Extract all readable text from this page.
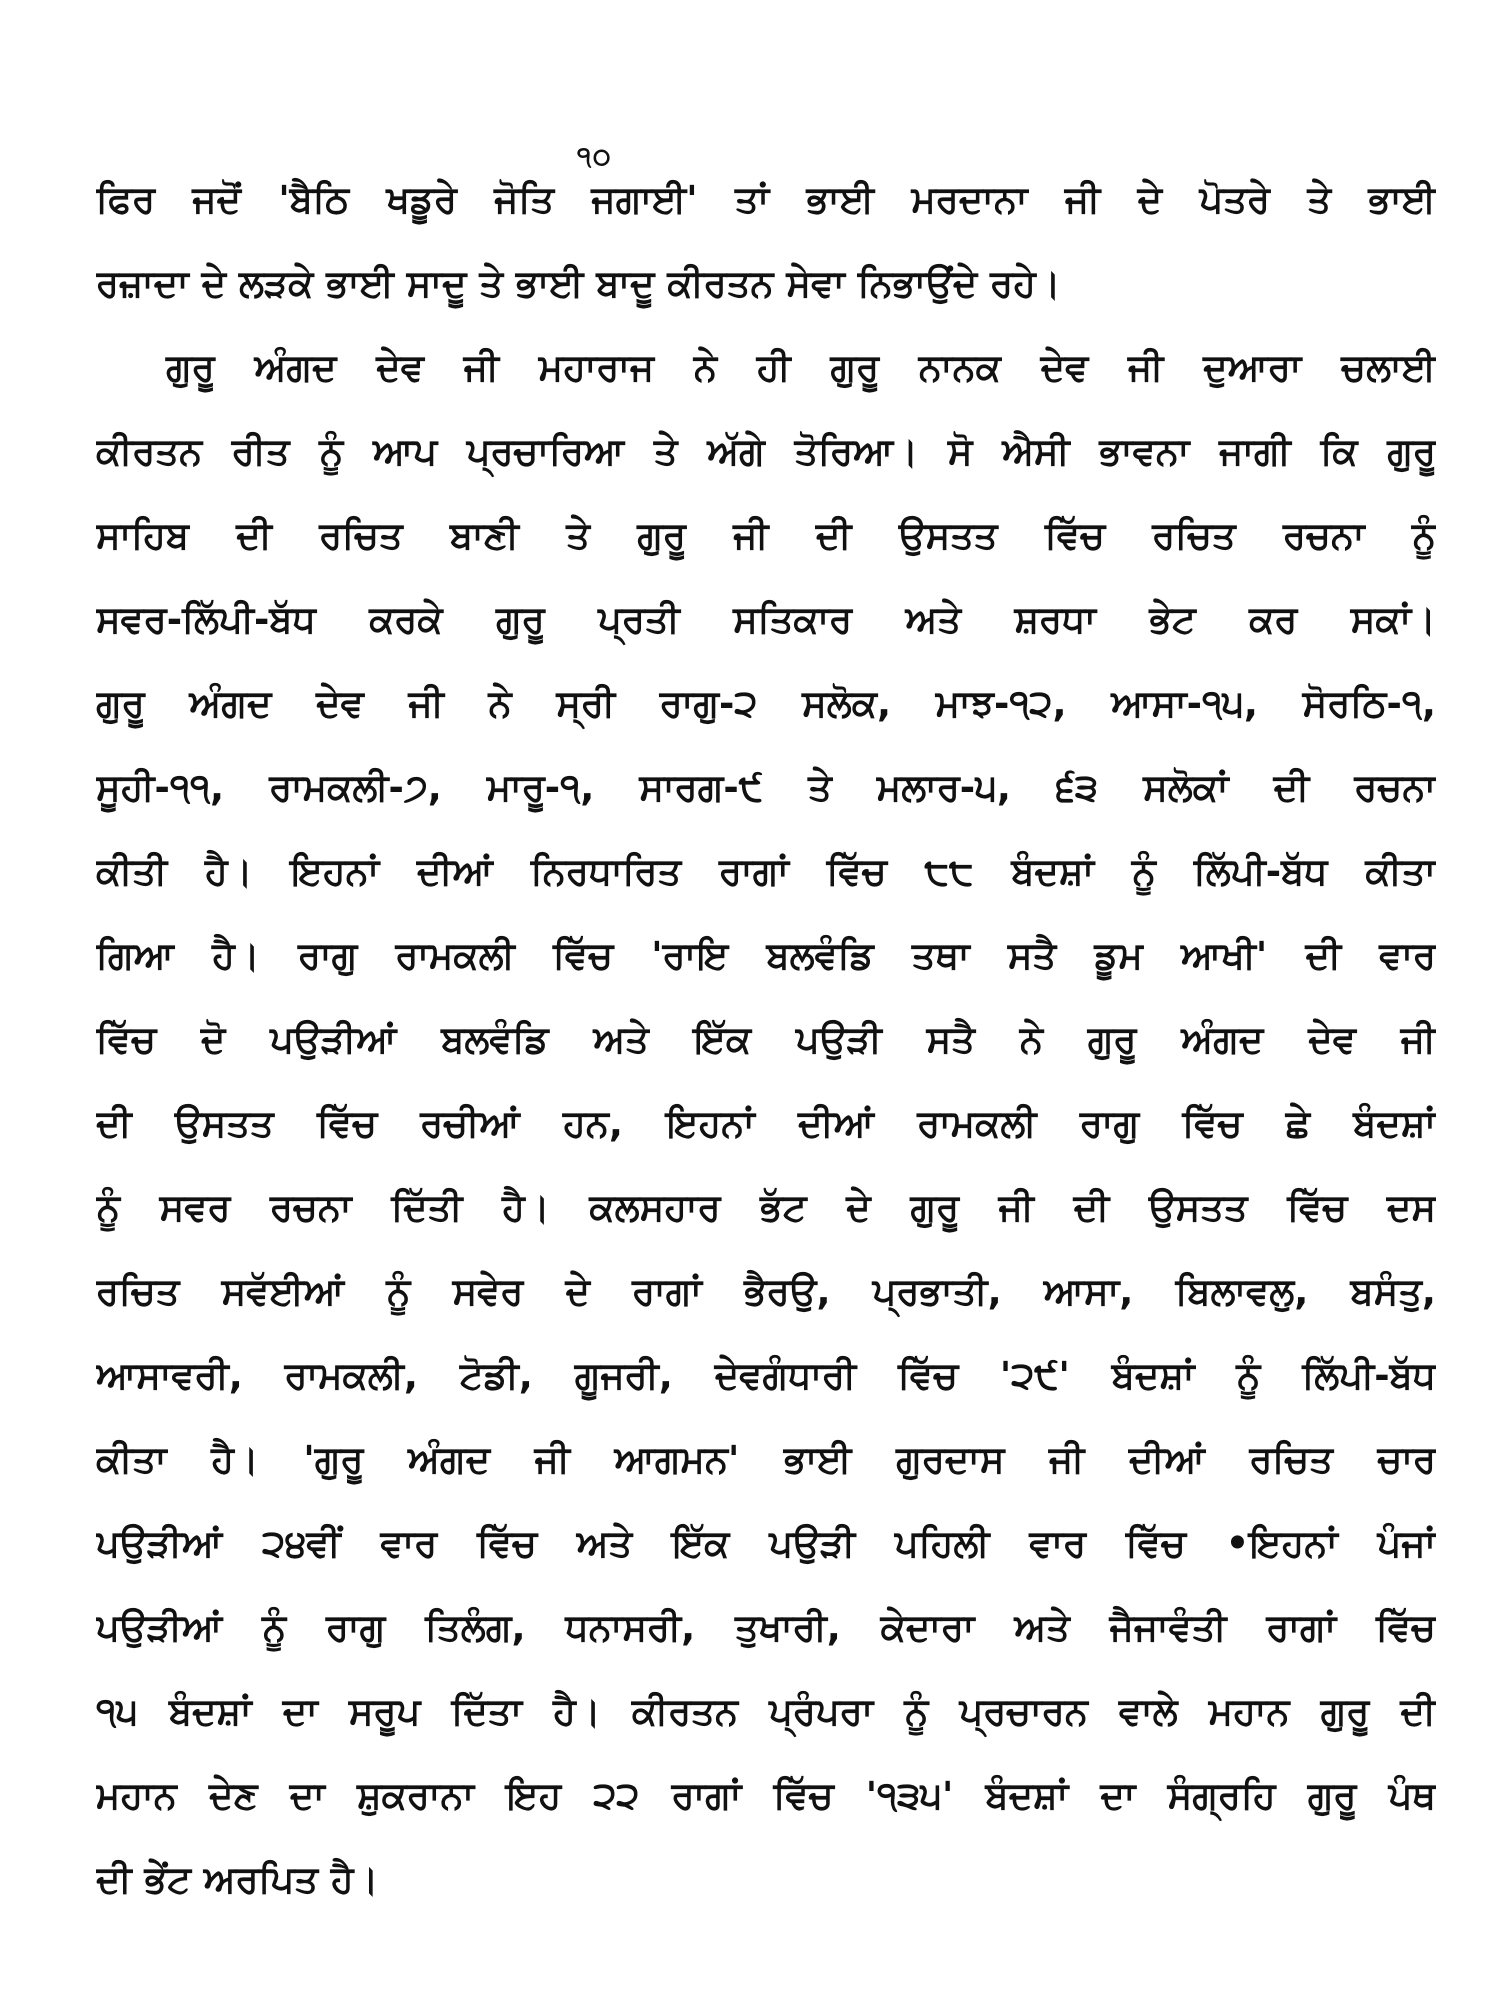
੧੦
ਫਿਰ ਜਦੋਂ 'ਬੈਠਿ ਖਡੂਰੇ ਜੋਤਿ ਜਗਾਈ' ਤਾਂ ਭਾਈ ਮਰਦਾਨਾ ਜੀ ਦੇ ਪੋਤਰੇ ਤੇ ਭਾਈ
ਰਜ਼ਾਦਾ ਦੇ ਲੜਕੇ ਭਾਈ ਸਾਦੂ ਤੇ ਭਾਈ ਬਾਦੂ ਕੀਰਤਨ ਸੇਵਾ ਨਿਭਾਉਂਦੇ ਰਹੇ।
ਗੁਰੂ ਅੰਗਦ ਦੇਵ ਜੀ ਮਹਾਰਾਜ ਨੇ ਹੀ ਗੁਰੂ ਨਾਨਕ ਦੇਵ ਜੀ ਦੁਆਰਾ ਚਲਾਈ
ਕੀਰਤਨ ਰੀਤ ਨੂੰ ਆਪ ਪ੍ਰਚਾਰਿਆ ਤੇ ਅੱਗੇ ਤੋਰਿਆ। ਸੋ ਐਸੀ ਭਾਵਨਾ ਜਾਗੀ ਕਿ ਗੁਰੂ
ਸਾਹਿਬ ਦੀ ਰਚਿਤ ਬਾਣੀ ਤੇ ਗੁਰੂ ਜੀ ਦੀ ਉਸਤਤ ਵਿੱਚ ਰਚਿਤ ਰਚਨਾ ਨੂੰ
ਸਵਰ-ਲਿੱਪੀ-ਬੱਧ ਕਰਕੇ ਗੁਰੂ ਪ੍ਰਤੀ ਸਤਿਕਾਰ ਅਤੇ ਸ਼ਰਧਾ ਭੇਟ ਕਰ ਸਕਾਂ।
ਗੁਰੂ ਅੰਗਦ ਦੇਵ ਜੀ ਨੇ ਸ੍ਰੀ ਰਾਗੁ-੨ ਸਲੋਕ, ਮਾਝ-੧੨, ਆਸਾ-੧੫, ਸੋਰਠਿ-੧,
ਸੂਹੀ-੧੧, ਰਾਮਕਲੀ-੭, ਮਾਰੂ-੧, ਸਾਰਗ-੯ ਤੇ ਮਲਾਰ-੫, ੬੩ ਸਲੋਕਾਂ ਦੀ ਰਚਨਾ
ਕੀਤੀ ਹੈ। ਇਹਨਾਂ ਦੀਆਂ ਨਿਰਧਾਰਿਤ ਰਾਗਾਂ ਵਿੱਚ ੮੮ ਬੰਦਸ਼ਾਂ ਨੂੰ ਲਿੱਪੀ-ਬੱਧ ਕੀਤਾ
ਗਿਆ ਹੈ। ਰਾਗੁ ਰਾਮਕਲੀ ਵਿੱਚ 'ਰਾਇ ਬਲਵੰਡਿ ਤਥਾ ਸਤੈ ਡੂਮ ਆਖੀ' ਦੀ ਵਾਰ
ਵਿੱਚ ਦੋ ਪਉੜੀਆਂ ਬਲਵੰਡਿ ਅਤੇ ਇੱਕ ਪਉੜੀ ਸਤੈ ਨੇ ਗੁਰੂ ਅੰਗਦ ਦੇਵ ਜੀ
ਦੀ ਉਸਤਤ ਵਿੱਚ ਰਚੀਆਂ ਹਨ, ਇਹਨਾਂ ਦੀਆਂ ਰਾਮਕਲੀ ਰਾਗੁ ਵਿੱਚ ਛੇ ਬੰਦਸ਼ਾਂ
ਨੂੰ ਸਵਰ ਰਚਨਾ ਦਿੱਤੀ ਹੈ। ਕਲਸਹਾਰ ਭੱਟ ਦੇ ਗੁਰੂ ਜੀ ਦੀ ਉਸਤਤ ਵਿੱਚ ਦਸ
ਰਚਿਤ ਸਵੱਈਆਂ ਨੂੰ ਸਵੇਰ ਦੇ ਰਾਗਾਂ ਭੈਰਉ, ਪ੍ਰਭਾਤੀ, ਆਸਾ, ਬਿਲਾਵਲੁ, ਬਸੰਤੁ,
ਆਸਾਵਰੀ, ਰਾਮਕਲੀ, ਟੋਡੀ, ਗੂਜਰੀ, ਦੇਵਗੰਧਾਰੀ ਵਿੱਚ '੨੯' ਬੰਦਸ਼ਾਂ ਨੂੰ ਲਿੱਪੀ-ਬੱਧ
ਕੀਤਾ ਹੈ। 'ਗੁਰੂ ਅੰਗਦ ਜੀ ਆਗਮਨ' ਭਾਈ ਗੁਰਦਾਸ ਜੀ ਦੀਆਂ ਰਚਿਤ ਚਾਰ
ਪਉੜੀਆਂ ੨੪ਵੀਂ ਵਾਰ ਵਿੱਚ ਅਤੇ ਇੱਕ ਪਉੜੀ ਪਹਿਲੀ ਵਾਰ ਵਿੱਚ •ਇਹਨਾਂ ਪੰਜਾਂ
ਪਉੜੀਆਂ ਨੂੰ ਰਾਗੁ ਤਿਲੰਗ, ਧਨਾਸਰੀ, ਤੁਖਾਰੀ, ਕੇਦਾਰਾ ਅਤੇ ਜੈਜਾਵੰਤੀ ਰਾਗਾਂ ਵਿੱਚ
੧੫ ਬੰਦਸ਼ਾਂ ਦਾ ਸਰੂਪ ਦਿੱਤਾ ਹੈ। ਕੀਰਤਨ ਪ੍ਰੰਪਰਾ ਨੂੰ ਪ੍ਰਚਾਰਨ ਵਾਲੇ ਮਹਾਨ ਗੁਰੂ ਦੀ
ਮਹਾਨ ਦੇਣ ਦਾ ਸ਼ੁਕਰਾਨਾ ਇਹ ੨੨ ਰਾਗਾਂ ਵਿੱਚ '੧੩੫' ਬੰਦਸ਼ਾਂ ਦਾ ਸੰਗ੍ਰਹਿ ਗੁਰੂ ਪੰਥ
ਦੀ ਭੇਂਟ ਅਰਪਿਤ ਹੈ।
